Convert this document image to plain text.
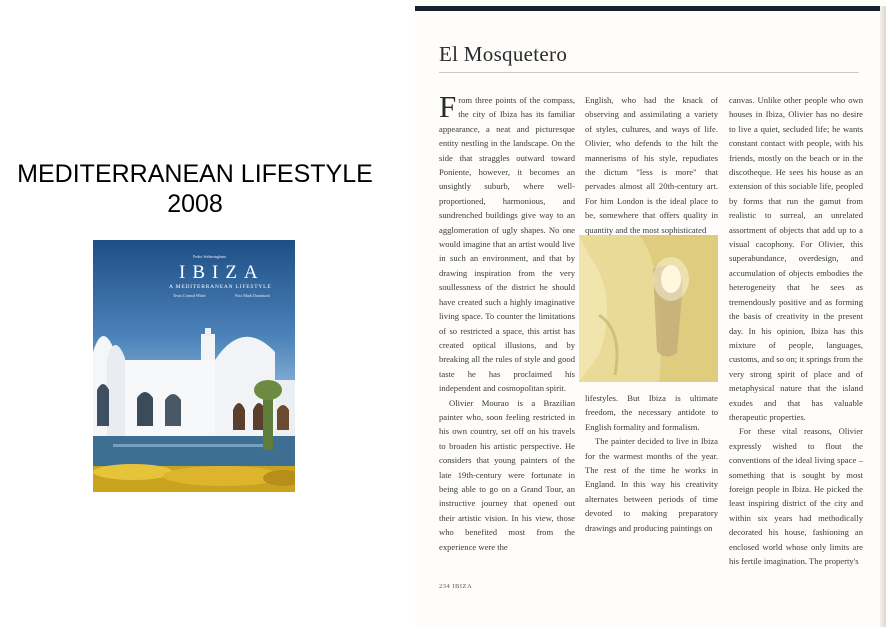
MEDITERRANEAN LIFESTYLE
2008
Pedro Sotheringham
IBIZA
A MEDITERRANEAN LIFESTYLE
Texto Conrad White	Foto Mark Dominach
El Mosquetero

From three points of the compass, the city of Ibiza has its familiar appearance, a neat and picturesque entity nestling in the landscape. On the side that straggles outward toward Poniente, however, it becomes an unsightly suburb, where well-proportioned, harmonious, and sundrenched buildings give way to an agglomeration of ugly shapes. No one would imagine that an artist would live in such an environment, and that by drawing inspiration from the very soullessness of the district he should have created such a highly imaginative living space. To counter the limitations of so restricted a space, this artist has created optical illusions, and by breaking all the rules of style and good taste he has proclaimed his independent and cosmopolitan spirit.

Olivier Mourao is a Brazilian painter who, soon feeling restricted in his own country, set off on his travels to broaden his artistic perspective. He considers that young painters of the late 19th-century were fortunate in being able to go on a Grand Tour, an instructive journey that opened out their artistic vision. In his view, those who benefited most from the experience were the

English, who had the knack of observing and assimilating a variety of styles, cultures, and ways of life. Olivier, who defends to the hilt the mannerisms of his style, repudiates the dictum "less is more" that pervades almost all 20th-century art. For him London is the ideal place to be, somewhere that offers quality in quantity and the most sophisticated

lifestyles. But Ibiza is ultimate freedom, the necessary antidote to English formality and formalism.

The painter decided to live in Ibiza for the warmest months of the year. The rest of the time he works in England. In this way his creativity alternates between periods of time devoted to making preparatory drawings and producing paintings on

canvas. Unlike other people who own houses in Ibiza, Olivier has no desire to live a quiet, secluded life; he wants constant contact with people, with his friends, mostly on the beach or in the discotheque. He sees his house as an extension of this sociable life, peopled by forms that run the gamut from realistic to surreal, an unrelated assortment of objects that add up to a visual cacophony. For Olivier, this superabundance, overdesign, and accumulation of objects embodies the heterogeneity that he sees as tremendously positive and as forming the basis of creativity in the present day. In his opinion, Ibiza has this mixture of people, languages, customs, and so on; it springs from the very strong spirit of place and of metaphysical nature that the island exudes and that has valuable therapeutic properties.

For these vital reasons, Olivier expressly wished to flout the conventions of the ideal living space – something that is sought by most foreign people in Ibiza. He picked the least inspiring district of the city and within six years had methodically decorated his house, fashioning an enclosed world whose only limits are his fertile imagination. The property's

234 IBIZA
